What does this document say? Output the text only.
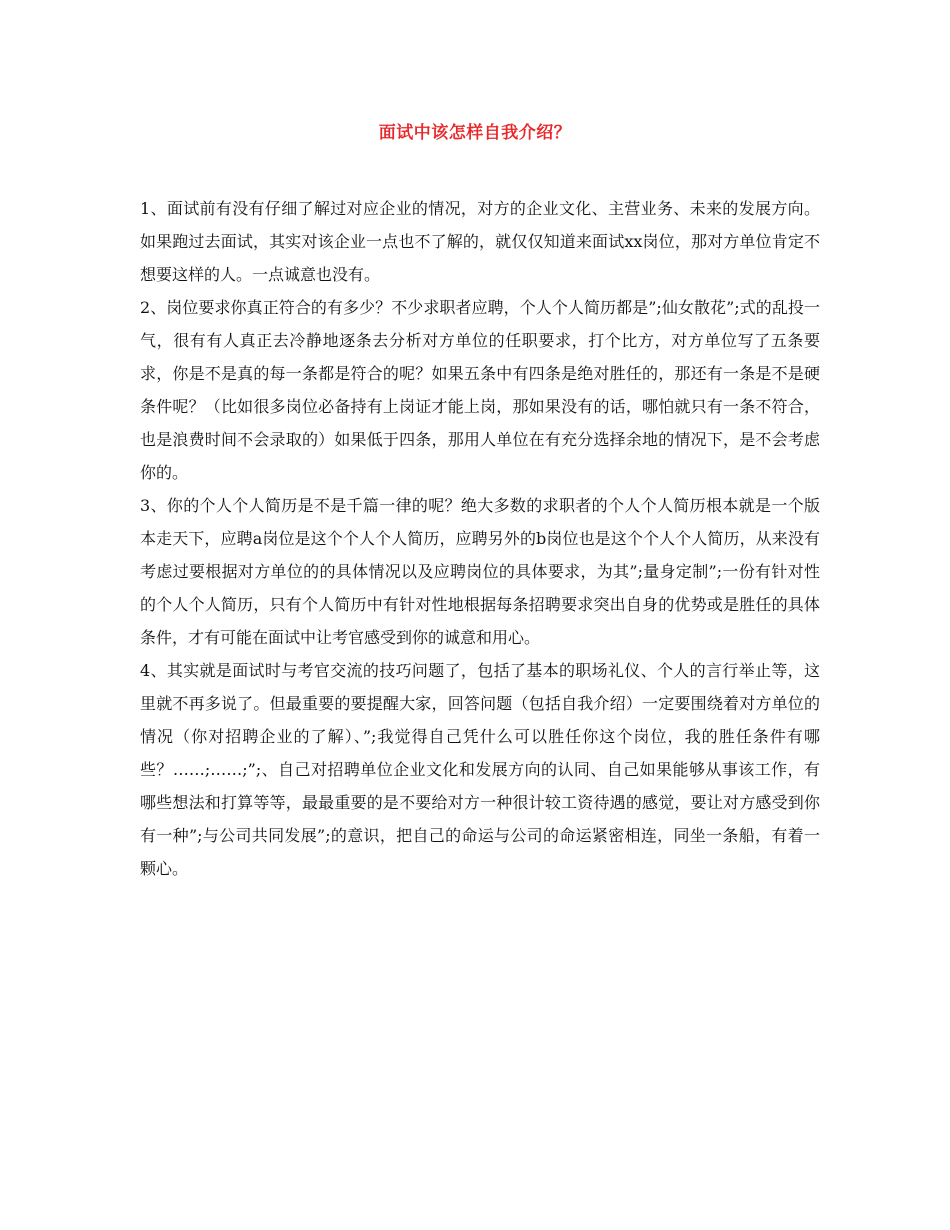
面试中该怎样自我介绍？

1、面试前有没有仔细了解过对应企业的情况，对方的企业文化、主营业务、未来的发展方向。如果跑过去面试，其实对该企业一点也不了解的，就仅仅知道来面试xx岗位，那对方单位肯定不想要这样的人。一点诚意也没有。

2、岗位要求你真正符合的有多少？不少求职者应聘，个人个人简历都是”;仙女散花”;式的乱投一气，很有有人真正去冷静地逐条去分析对方单位的任职要求，打个比方，对方单位写了五条要求，你是不是真的每一条都是符合的呢？如果五条中有四条是绝对胜任的，那还有一条是不是硬条件呢？（比如很多岗位必备持有上岗证才能上岗，那如果没有的话，哪怕就只有一条不符合，也是浪费时间不会录取的）如果低于四条，那用人单位在有充分选择余地的情况下，是不会考虑你的。

3、你的个人个人简历是不是千篇一律的呢？绝大多数的求职者的个人个人简历根本就是一个版本走天下，应聘a岗位是这个个人个人简历，应聘另外的b岗位也是这个个人个人简历，从来没有考虑过要根据对方单位的的具体情况以及应聘岗位的具体要求，为其”;量身定制”;一份有针对性的个人个人简历，只有个人简历中有针对性地根据每条招聘要求突出自身的优势或是胜任的具体条件，才有可能在面试中让考官感受到你的诚意和用心。

4、其实就是面试时与考官交流的技巧问题了，包括了基本的职场礼仪、个人的言行举止等，这里就不再多说了。但最重要的要提醒大家，回答问题（包括自我介绍）一定要围绕着对方单位的情况（你对招聘企业的了解）、”;我觉得自己凭什么可以胜任你这个岗位，我的胜任条件有哪些？……;……;”;、自己对招聘单位企业文化和发展方向的认同、自己如果能够从事该工作，有哪些想法和打算等等，最最重要的是不要给对方一种很计较工资待遇的感觉，要让对方感受到你有一种”;与公司共同发展”;的意识，把自己的命运与公司的命运紧密相连，同坐一条船，有着一颗心。
